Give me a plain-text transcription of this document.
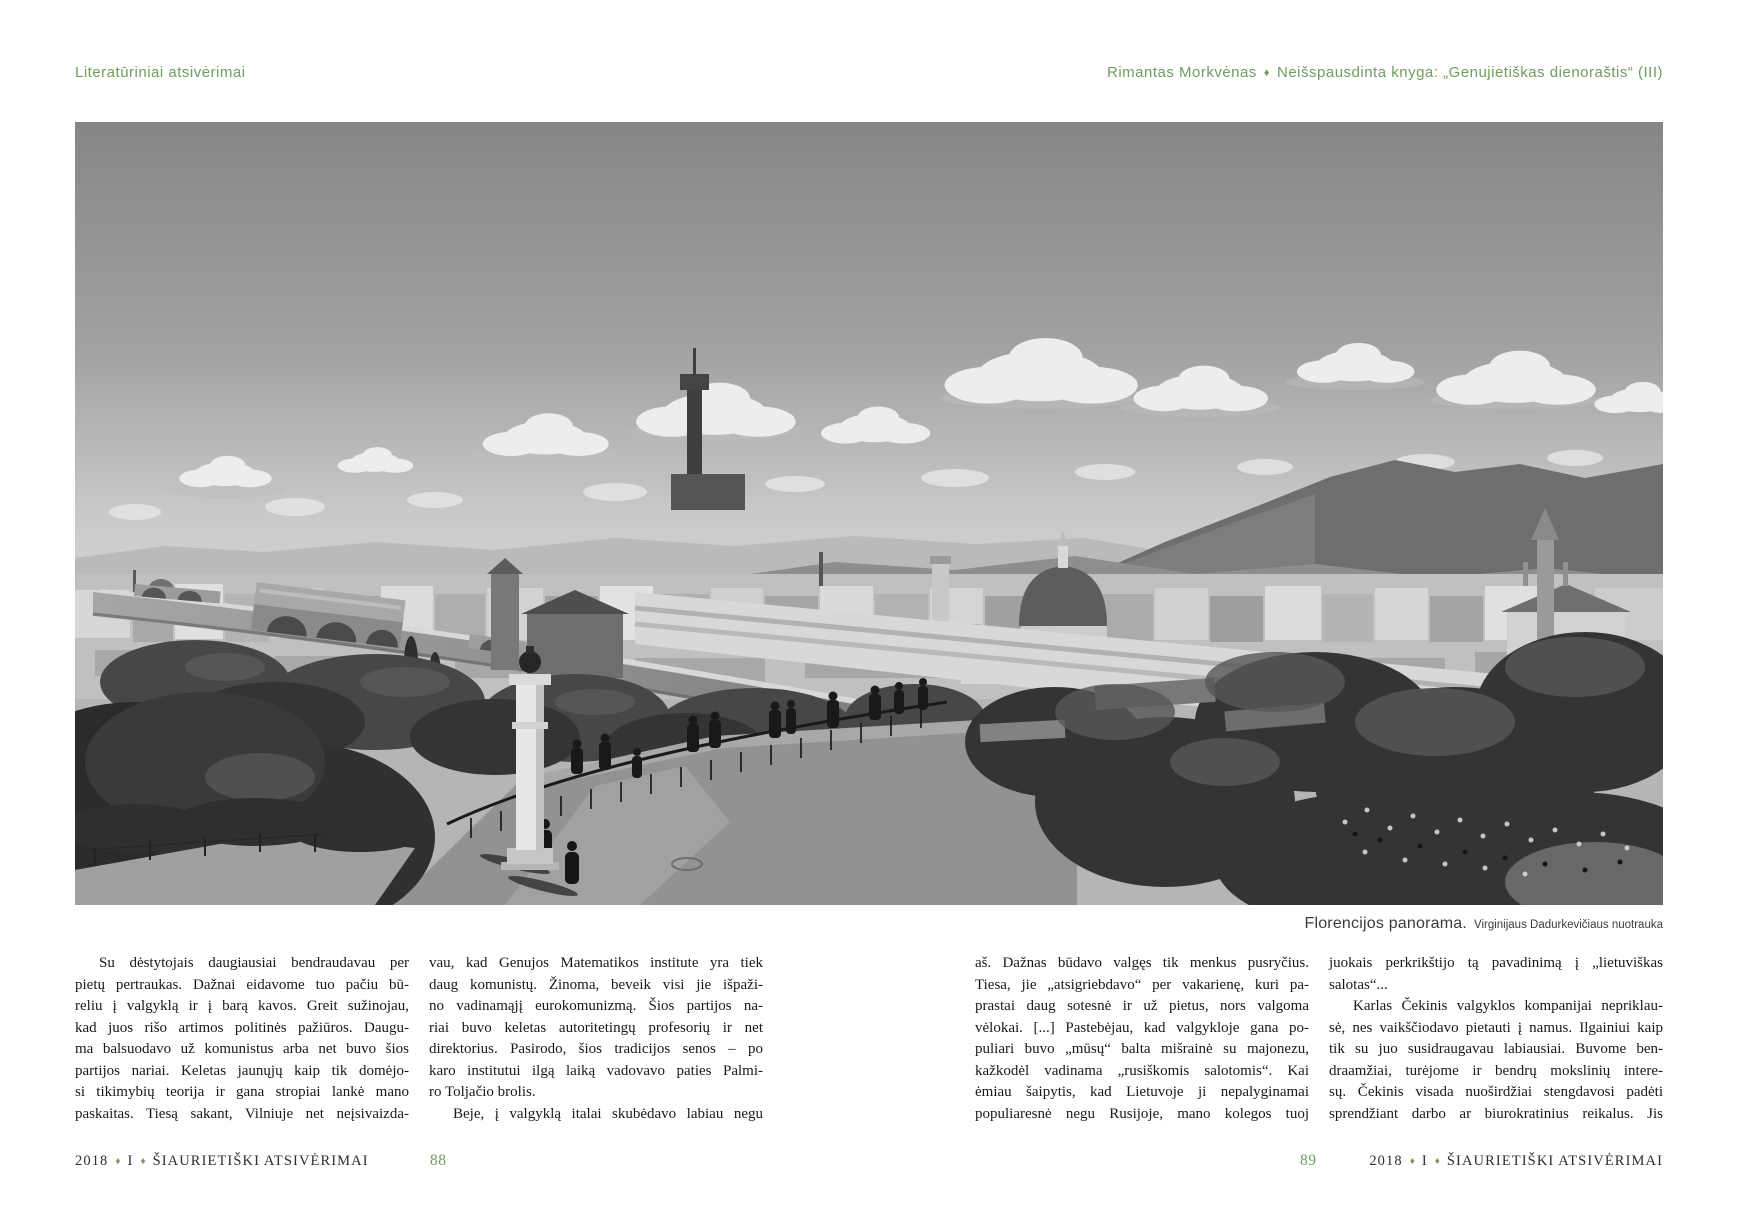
Literatūriniai atsivėrimai	Rimantas Morkvėnas ♦ Neišspausdinta knyga: „Genujietiškas dienoraštis“ (III)
Florencijos panorama. Virginijaus Dadurkevičiaus nuotrauka
Su dėstytojais daugiausiai bendraudavau per
pietų pertraukas. Dažnai eidavome tuo pačiu bū-
reliu į valgyklą ir į barą kavos. Greit sužinojau,
kad juos rišo artimos politinės pažiūros. Daugu-
ma balsuodavo už komunistus arba net buvo šios
partijos nariai. Keletas jaunųjų kaip tik domėjo-
si tikimybių teorija ir gana stropiai lankė mano
paskaitas. Tiesą sakant, Vilniuje net neįsivaizda-
vau, kad Genujos Matematikos institute yra tiek
daug komunistų. Žinoma, beveik visi jie išpaži-
no vadinamąjį eurokomunizmą. Šios partijos na-
riai buvo keletas autoritetingų profesorių ir net
direktorius. Pasirodo, šios tradicijos senos – po
karo institutui ilgą laiką vadovavo paties Palmi-
ro Toljačio brolis.
Beje, į valgyklą italai skubėdavo labiau negu
aš. Dažnas būdavo valgęs tik menkus pusryčius.
Tiesa, jie „atsigriebdavo“ per vakarienę, kuri pa-
prastai daug sotesnė ir už pietus, nors valgoma
vėlokai. [...] Pastebėjau, kad valgykloje gana po-
puliari buvo „mūsų“ balta mišrainė su majonezu,
kažkodėl vadinama „rusiškomis salotomis“. Kai
ėmiau šaipytis, kad Lietuvoje ji nepalyginamai
populiaresnė negu Rusijoje, mano kolegos tuoj
juokais perkrikštijo tą pavadinimą į „lietuviškas
salotas“...
Karlas Čekinis valgyklos kompanijai nepriklau-
sė, nes vaikščiodavo pietauti į namus. Ilgainiui kaip
tik su juo susidraugavau labiausiai. Buvome ben-
draamžiai, turėjome ir bendrų mokslinių intere-
sų. Čekinis visada nuoširdžiai stengdavosi padėti
sprendžiant darbo ar biurokratinius reikalus. Jis
2018 ♦ I ♦ ŠIAURIETIŠKI ATSIVĖRIMAI	88	89	2018 ♦ I ♦ ŠIAURIETIŠKI ATSIVĖRIMAI
